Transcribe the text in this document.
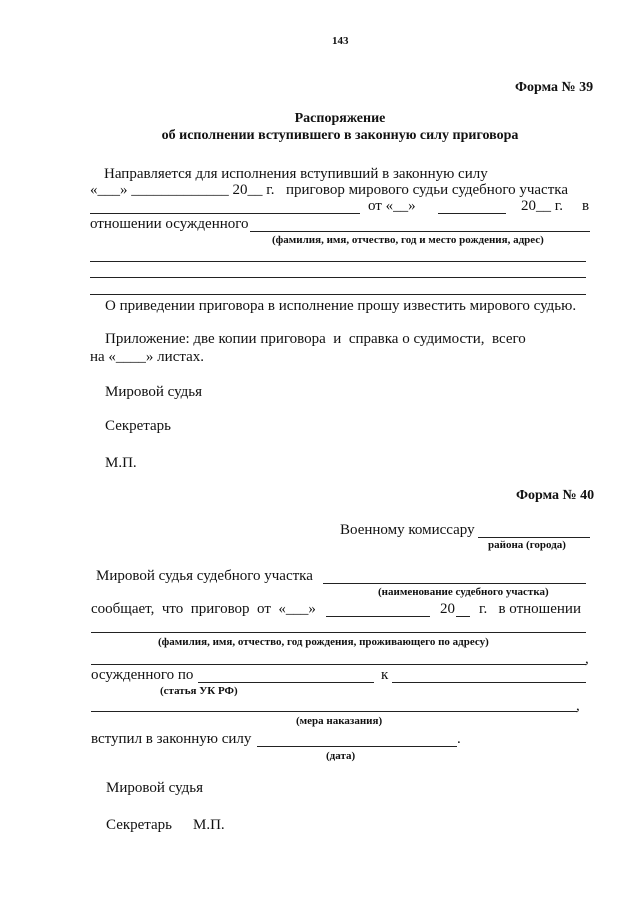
143
Форма № 39
Распоряжение
об исполнении вступившего в законную силу приговора
Направляется для исполнения вступивший в законную силу
«___» _____________ 20__ г. приговор мирового судьи судебного участка
от «__»	20__ г. в
отношении осужденного
(фамилия, имя, отчество, год и место рождения, адрес)
О приведении приговора в исполнение прошу известить мирового судью.
Приложение: две копии приговора  и  справка о судимости,  всего
на «____» листах.
Мировой судья
Секретарь
М.П.
Форма № 40
Военному комиссару
района (города)
Мировой судья судебного участка
(наименование судебного участка)
сообщает,  что  приговор  от  «___»	20 г.   в отношении
(фамилия, имя, отчество, год рождения, проживающего по адресу)
,
осужденного по	к
(статья УК РФ)
,
(мера наказания)
вступил в законную силу	.
(дата)
Мировой судья
Секретарь М.П.
